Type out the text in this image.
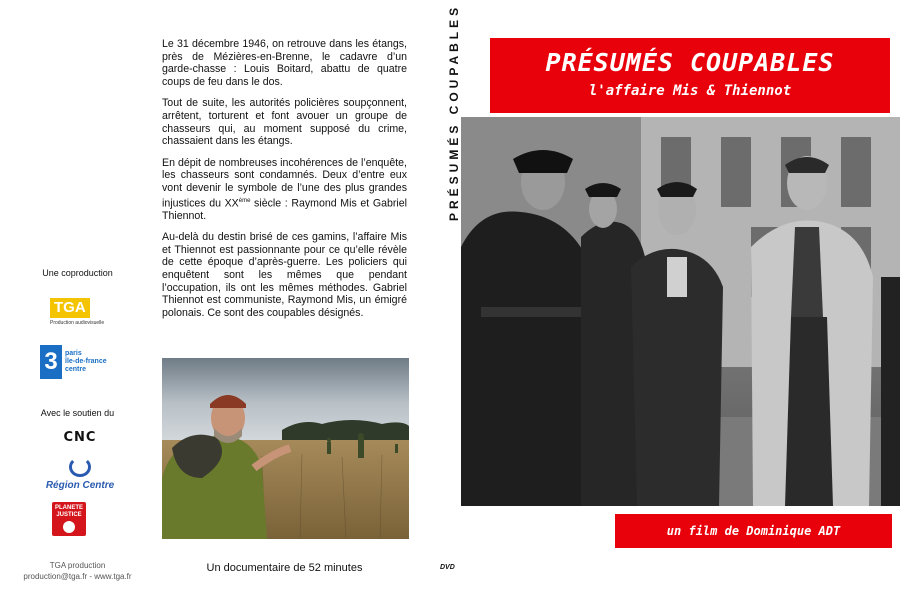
Une coproduction
TGA
Production audiovisuelle
3	paris
île-de-france
centre
Avec le soutien du
CNC
Région Centre
PLANETE
JUSTICE
TGA production
production@tga.fr - www.tga.fr

Le 31 décembre 1946, on retrouve dans les étangs, près de Mézières-en-Brenne, le cadavre d’un garde-chasse : Louis Boitard, abattu de quatre coups de feu dans le dos.

Tout de suite, les autorités policières soupçonnent, arrêtent, torturent et font avouer un groupe de chasseurs qui, au moment supposé du crime, chassaient dans les étangs.

En dépit de nombreuses incohérences de l’enquête, les chasseurs sont condamnés. Deux d’entre eux vont devenir le symbole de l’une des plus grandes injustices du XXème siècle : Raymond Mis et Gabriel Thiennot.

Au-delà du destin brisé de ces gamins, l’affaire Mis et Thiennot est passionnante pour ce qu’elle révèle de cette époque d’après-guerre. Les policiers qui enquêtent sont les mêmes que pendant l’occupation, ils ont les mêmes méthodes. Gabriel Thiennot est communiste, Raymond Mis, un émigré polonais. Ce sont des coupables désignés.

Un documentaire de 52 minutes
PRÉSUMÉS COUPABLES
DVD
PRÉSUMÉS COUPABLES
l'affaire Mis & Thiennot
un film de Dominique ADT
